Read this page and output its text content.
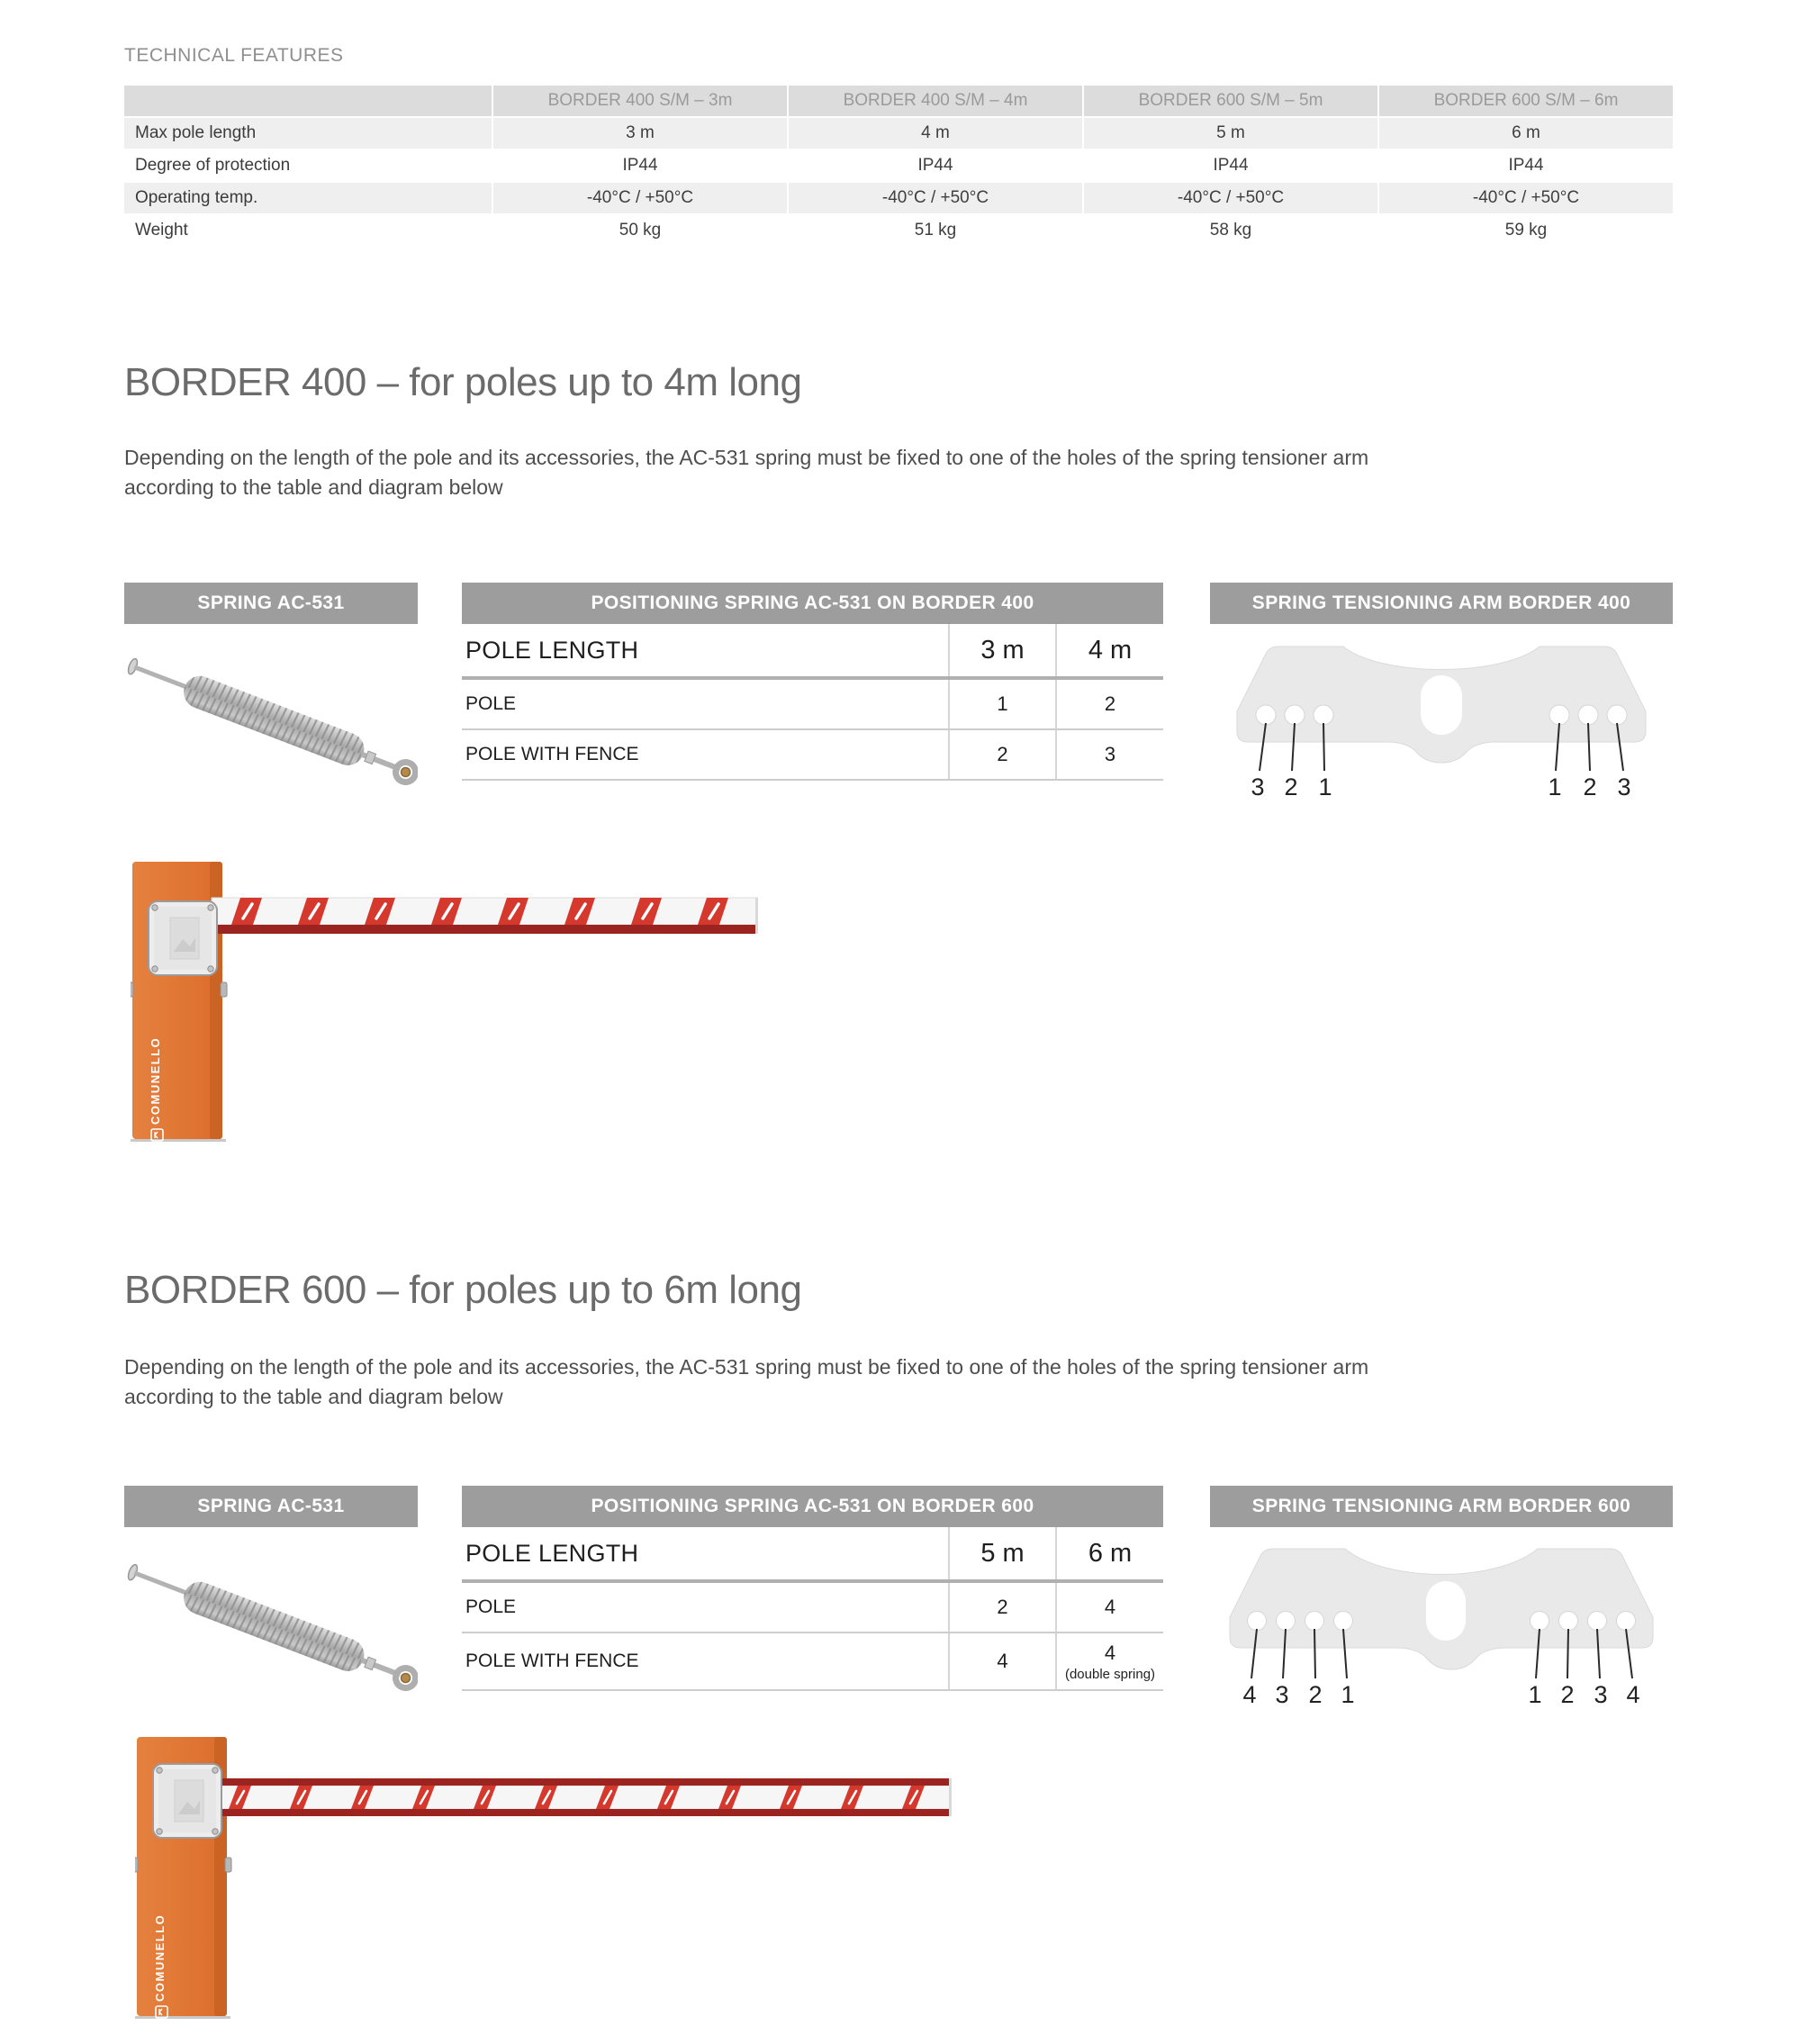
TECHNICAL FEATURES
BORDER 400 S/M – 3m	BORDER 400 S/M – 4m	BORDER 600 S/M – 5m	BORDER 600 S/M – 6m
Max pole length	3 m	4 m	5 m	6 m
Degree of protection	IP44	IP44	IP44	IP44
Operating temp.	-40°C / +50°C	-40°C / +50°C	-40°C / +50°C	-40°C / +50°C
Weight	50 kg	51 kg	58 kg	59 kg
BORDER 400 – for poles up to 4m long
Depending on the length of the pole and its accessories, the AC-531 spring must be fixed to one of the holes of the spring tensioner arm according to the table and diagram below
SPRING AC-531	POSITIONING SPRING AC-531 ON BORDER 400	SPRING TENSIONING ARM BORDER 400
POLE LENGTH	3 m	4 m
POLE	1	2
POLE WITH FENCE	2	3
3 2 1	1 2 3
COMUNELLO
BORDER 600 – for poles up to 6m long
Depending on the length of the pole and its accessories, the AC-531 spring must be fixed to one of the holes of the spring tensioner arm according to the table and diagram below
SPRING AC-531	POSITIONING SPRING AC-531 ON BORDER 600	SPRING TENSIONING ARM BORDER 600
POLE LENGTH	5 m	6 m
POLE	2	4
POLE WITH FENCE	4	4
(double spring)
4 3 2 1	1 2 3 4
COMUNELLO
